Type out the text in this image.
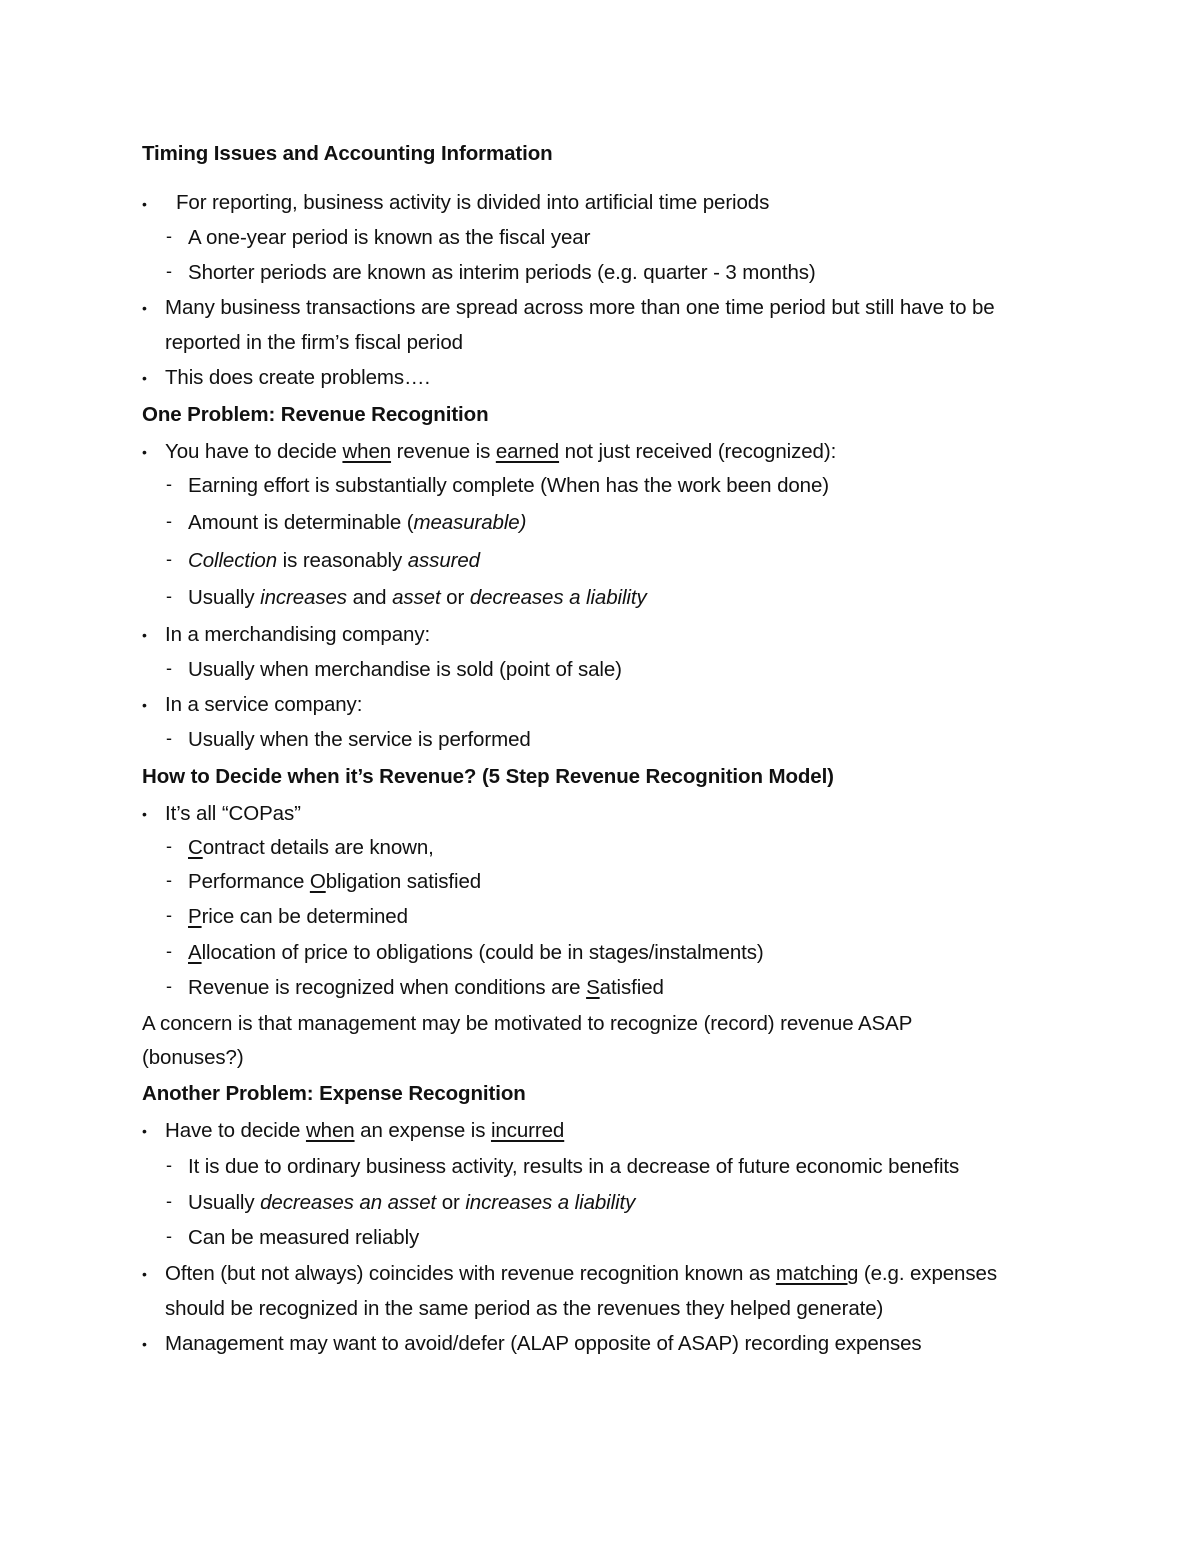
Timing Issues and Accounting Information
• For reporting, business activity is divided into artificial time periods
- A one-year period is known as the fiscal year
- Shorter periods are known as interim periods (e.g. quarter - 3 months)
• Many business transactions are spread across more than one time period but still have to be
reported in the firm’s fiscal period
• This does create problems….
One Problem: Revenue Recognition
• You have to decide when revenue is earned not just received (recognized):
- Earning effort is substantially complete (When has the work been done)
- Amount is determinable (measurable)
- Collection is reasonably assured
- Usually increases and asset or decreases a liability
• In a merchandising company:
- Usually when merchandise is sold (point of sale)
• In a service company:
- Usually when the service is performed
How to Decide when it’s Revenue? (5 Step Revenue Recognition Model)
• It’s all “COPas”
- Contract details are known,
- Performance Obligation satisfied
- Price can be determined
- Allocation of price to obligations (could be in stages/instalments)
- Revenue is recognized when conditions are Satisfied
A concern is that management may be motivated to recognize (record) revenue ASAP
(bonuses?)
Another Problem: Expense Recognition
• Have to decide when an expense is incurred
- It is due to ordinary business activity, results in a decrease of future economic benefits
- Usually decreases an asset or increases a liability
- Can be measured reliably
• Often (but not always) coincides with revenue recognition known as matching (e.g. expenses
should be recognized in the same period as the revenues they helped generate)
• Management may want to avoid/defer (ALAP opposite of ASAP) recording expenses
